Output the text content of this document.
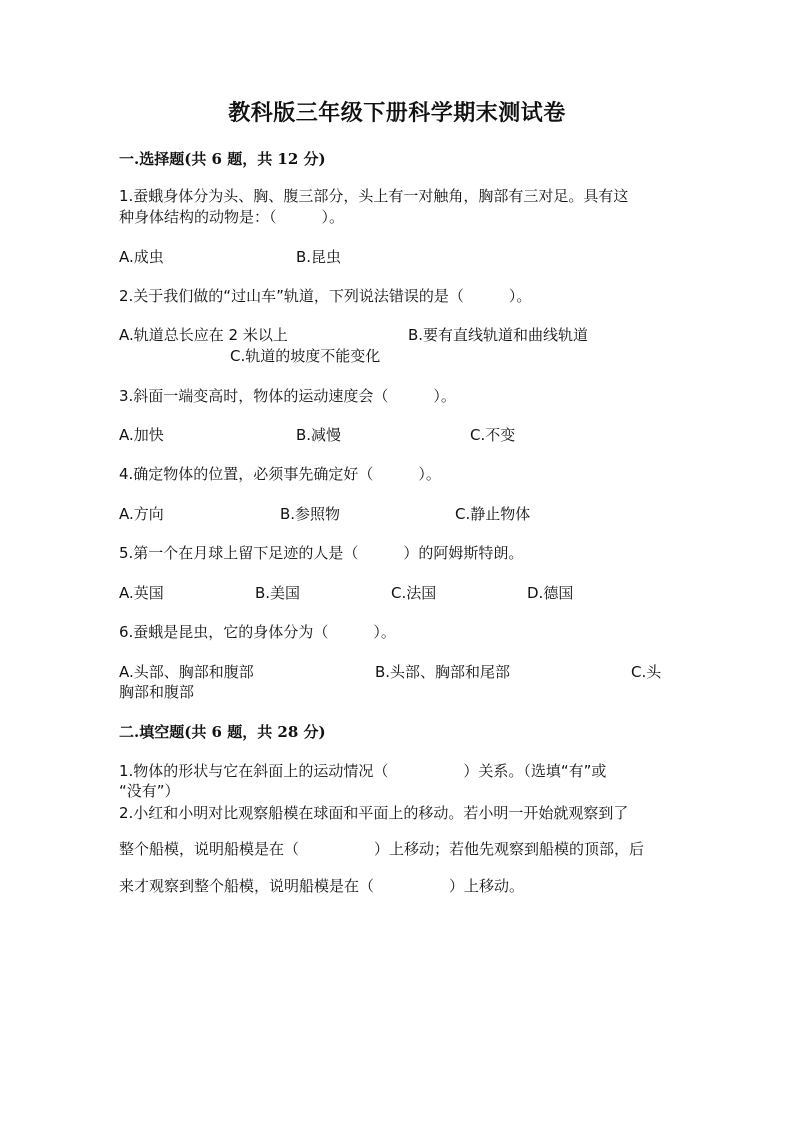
教科版三年级下册科学期末测试卷
一.选择题(共 6 题，共 12 分)
1.蚕蛾身体分为头、胸、腹三部分，头上有一对触角，胸部有三对足。具有这
种身体结构的动物是：（　　　）。
A.成虫	B.昆虫
2.关于我们做的“过山车”轨道，下列说法错误的是（　　　）。
A.轨道总长应在 2 米以上	B.要有直线轨道和曲线轨道
C.轨道的坡度不能变化
3.斜面一端变高时，物体的运动速度会（　　　）。
A.加快	B.减慢	C.不变
4.确定物体的位置，必须事先确定好（　　　）。
A.方向	B.参照物	C.静止物体
5.第一个在月球上留下足迹的人是（　　　）的阿姆斯特朗。
A.英国	B.美国	C.法国	D.德国
6.蚕蛾是昆虫，它的身体分为（　　　）。
A.头部、胸部和腹部	B.头部、胸部和尾部	C.头
胸部和腹部
二.填空题(共 6 题，共 28 分)
1.物体的形状与它在斜面上的运动情况（　　　　　）关系。（选填“有”或
“没有”）
2.小红和小明对比观察船模在球面和平面上的移动。若小明一开始就观察到了
整个船模，说明船模是在（　　　　　）上移动；若他先观察到船模的顶部，后
来才观察到整个船模，说明船模是在（　　　　　）上移动。
